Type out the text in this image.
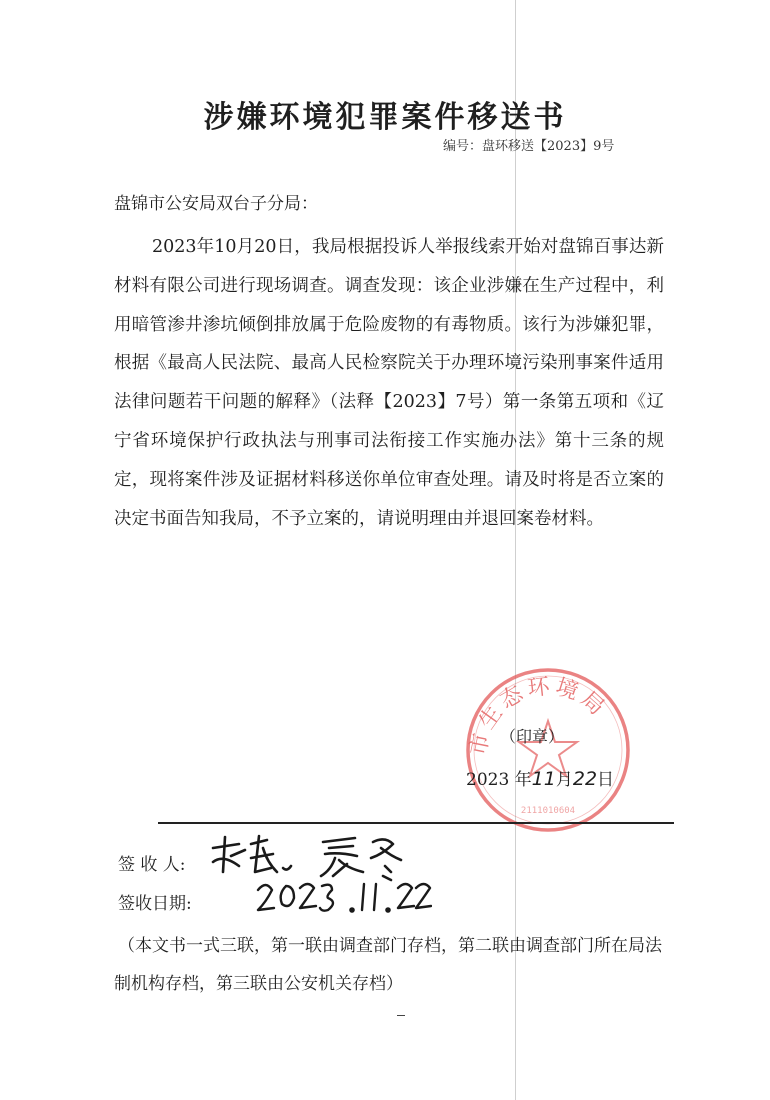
涉嫌环境犯罪案件移送书
编号：盘环移送【2023】9号
盘锦市公安局双台子分局：

2023年10月20日，我局根据投诉人举报线索开始对盘锦百事达新材料有限公司进行现场调查。调查发现：该企业涉嫌在生产过程中，利用暗管渗井渗坑倾倒排放属于危险废物的有毒物质。该行为涉嫌犯罪，根据《最高人民法院、最高人民检察院关于办理环境污染刑事案件适用法律问题若干问题的解释》（法释【2023】7号）第一条第五项和《辽宁省环境保护行政执法与刑事司法衔接工作实施办法》第十三条的规定，现将案件涉及证据材料移送你单位审查处理。请及时将是否立案的决定书面告知我局，不予立案的，请说明理由并退回案卷材料。

市生态环境局
2111010604
（印章）
2023 年11月22日
签 收 人:
签收日期:

（本文书一式三联，第一联由调查部门存档，第二联由调查部门所在局法制机构存档，第三联由公安机关存档）
